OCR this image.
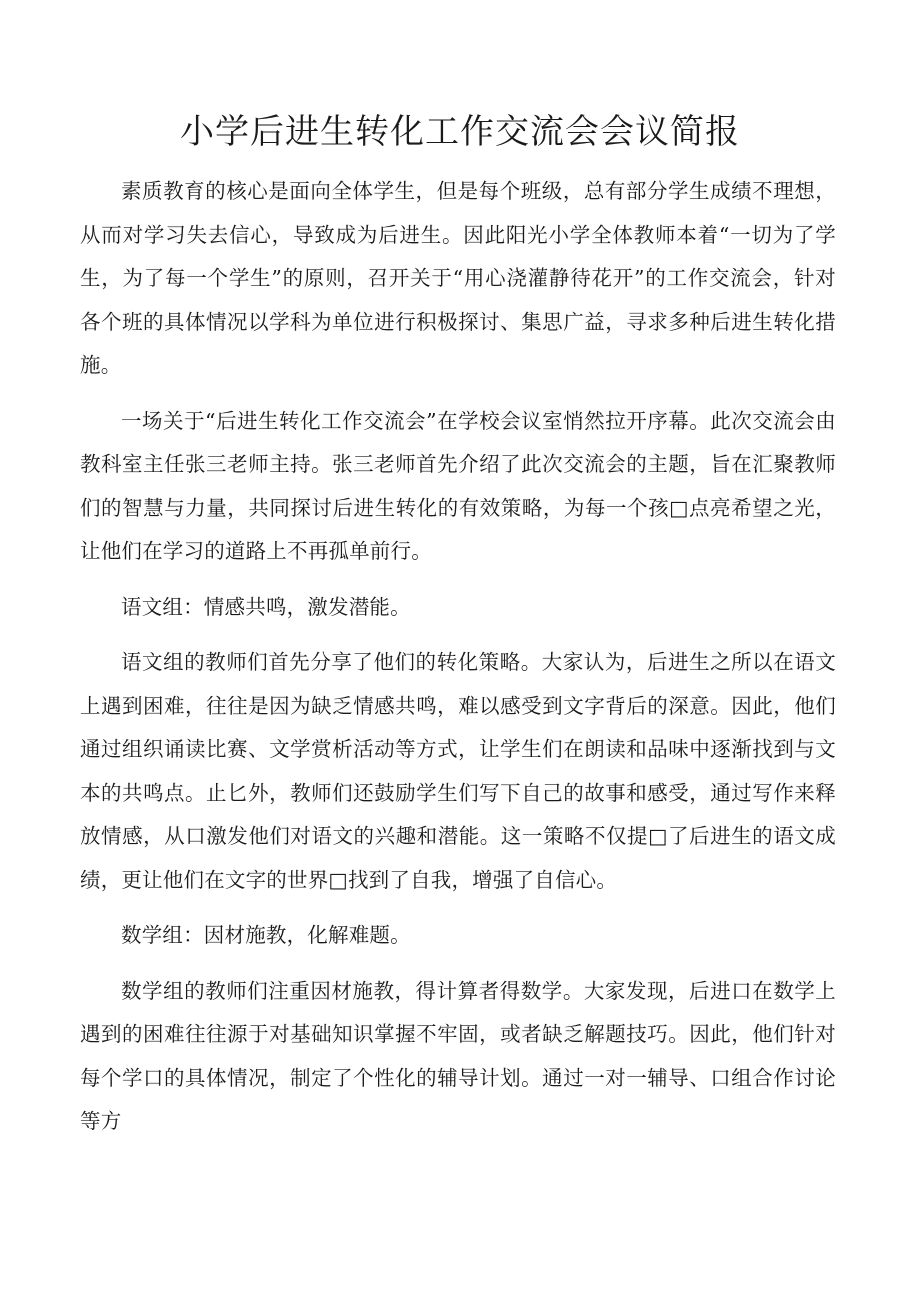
小学后进生转化工作交流会会议简报

素质教育的核心是面向全体学生，但是每个班级，总有部分学生成绩不理想，从而对学习失去信心，导致成为后进生。因此阳光小学全体教师本着“一切为了学生，为了每一个学生”的原则，召开关于“用心浇灌静待花开”的工作交流会，针对各个班的具体情况以学科为单位进行积极探讨、集思广益，寻求多种后进生转化措施。

一场关于“后进生转化工作交流会”在学校会议室悄然拉开序幕。此次交流会由教科室主任张三老师主持。张三老师首先介绍了此次交流会的主题，旨在汇聚教师们的智慧与力量，共同探讨后进生转化的有效策略，为每一个孩□点亮希望之光，让他们在学习的道路上不再孤单前行。

语文组：情感共鸣，激发潜能。

语文组的教师们首先分享了他们的转化策略。大家认为，后进生之所以在语文上遇到困难，往往是因为缺乏情感共鸣，难以感受到文字背后的深意。因此，他们通过组织诵读比赛、文学赏析活动等方式，让学生们在朗读和品味中逐渐找到与文本的共鸣点。止匕外，教师们还鼓励学生们写下自己的故事和感受，通过写作来释放情感，从口激发他们对语文的兴趣和潜能。这一策略不仅提□了后进生的语文成绩，更让他们在文字的世界□找到了自我，增强了自信心。

数学组：因材施教，化解难题。

数学组的教师们注重因材施教，得计算者得数学。大家发现，后进口在数学上遇到的困难往往源于对基础知识掌握不牢固，或者缺乏解题技巧。因此，他们针对每个学口的具体情况，制定了个性化的辅导计划。通过一对一辅导、口组合作讨论等方
